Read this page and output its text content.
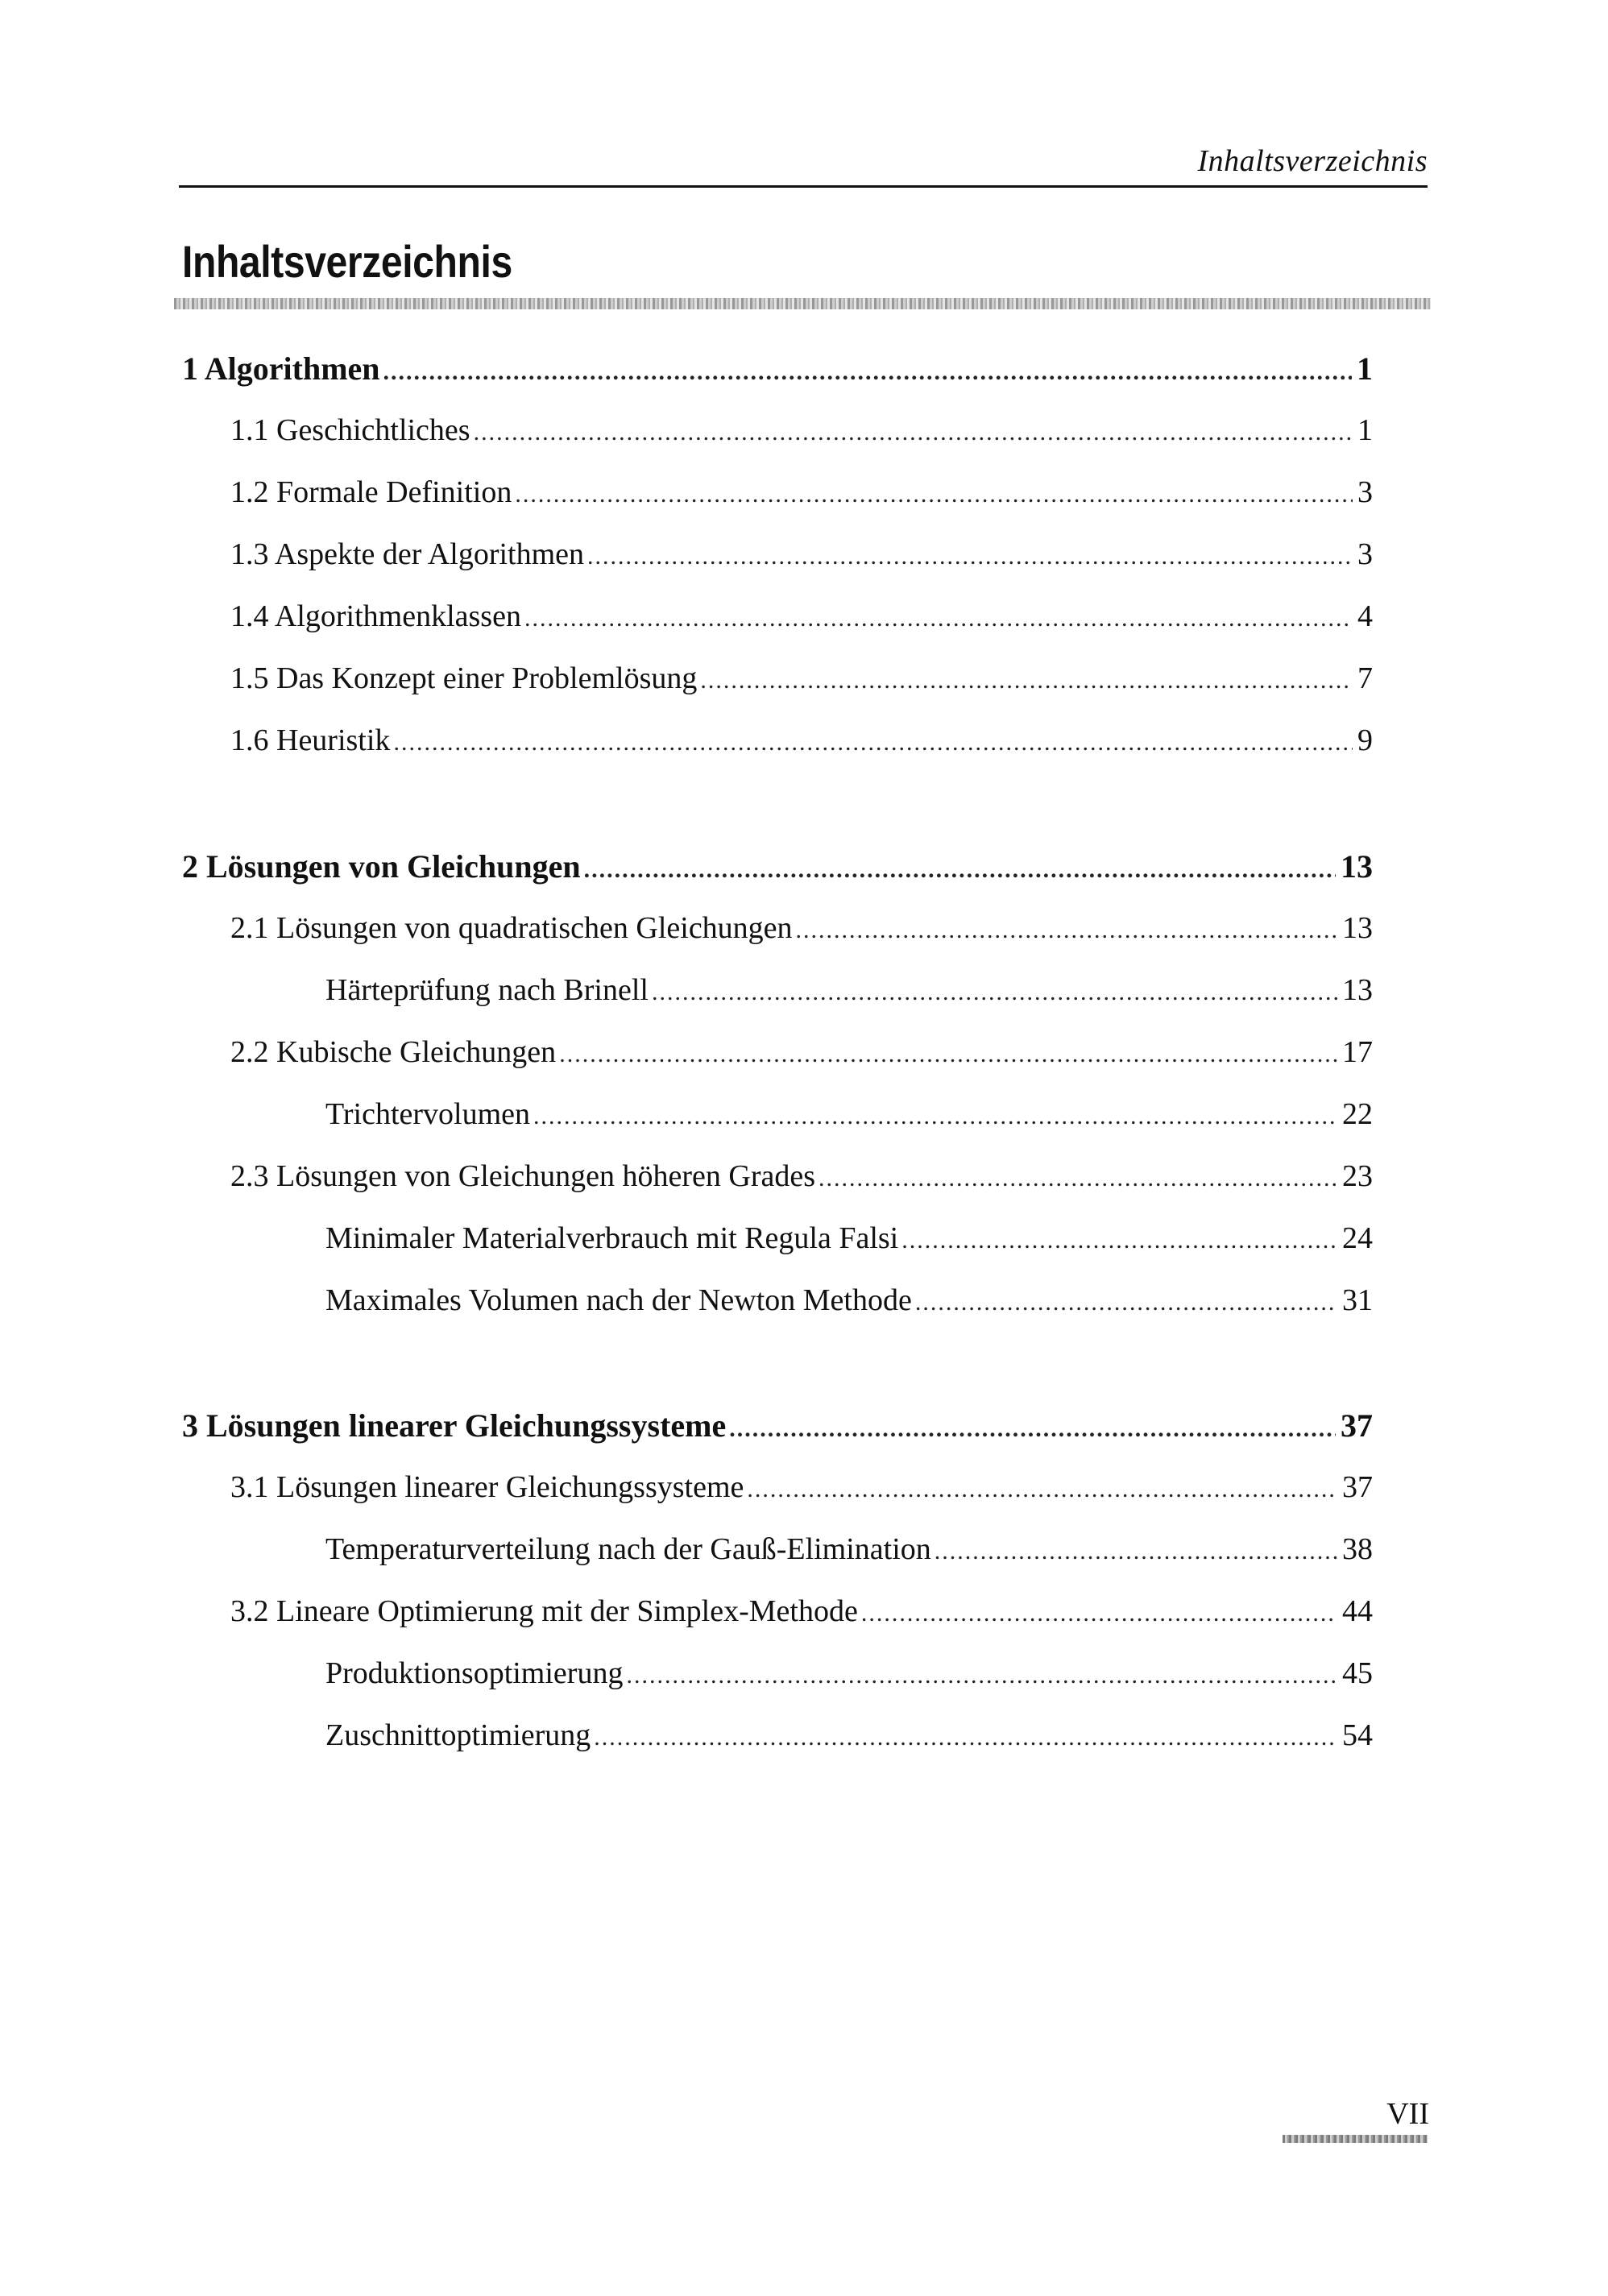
Inhaltsverzeichnis
Inhaltsverzeichnis
1 Algorithmen .....	1
1.1 Geschichtliches .....	1
1.2 Formale Definition .....	3
1.3 Aspekte der Algorithmen .....	3
1.4 Algorithmenklassen .....	4
1.5 Das Konzept einer Problemlösung .....	7
1.6 Heuristik .....	9
2 Lösungen von Gleichungen .....	13
2.1 Lösungen von quadratischen Gleichungen .....	13
Härteprüfung nach Brinell .....	13
2.2 Kubische Gleichungen .....	17
Trichtervolumen .....	22
2.3 Lösungen von Gleichungen höheren Grades .....	23
Minimaler Materialverbrauch mit Regula Falsi .....	24
Maximales Volumen nach der Newton Methode .....	31
3 Lösungen linearer Gleichungssysteme .....	37
3.1 Lösungen linearer Gleichungssysteme .....	37
Temperaturverteilung nach der Gauß-Elimination .....	38
3.2 Lineare Optimierung mit der Simplex-Methode .....	44
Produktionsoptimierung .....	45
Zuschnittoptimierung .....	54
VII
